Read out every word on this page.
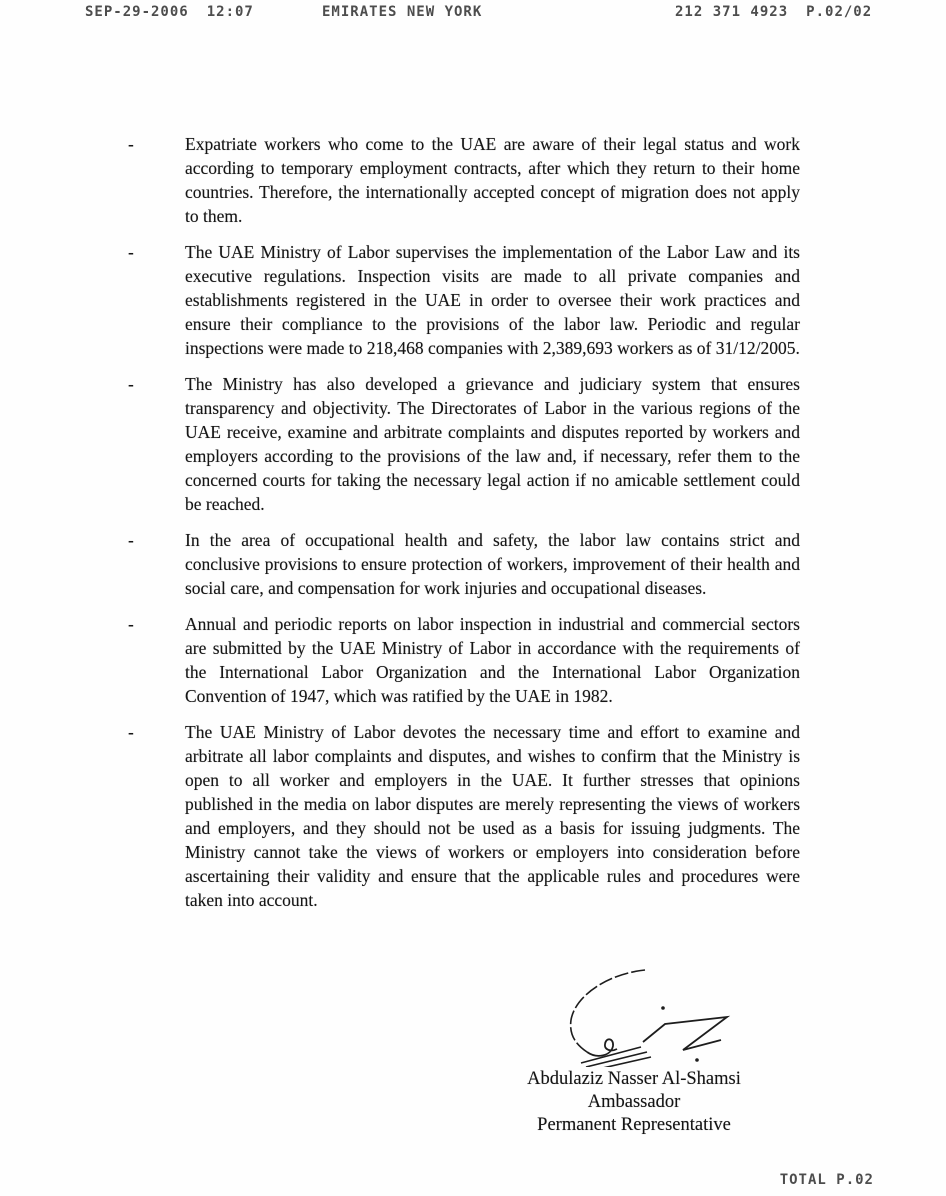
SEP-29-2006 12:07	EMIRATES NEW YORK	212 371 4923 P.02/02
-	Expatriate workers who come to the UAE are aware of their legal status and work according to temporary employment contracts, after which they return to their home countries. Therefore, the internationally accepted concept of migration does not apply to them.

-	The UAE Ministry of Labor supervises the implementation of the Labor Law and its executive regulations. Inspection visits are made to all private companies and establishments registered in the UAE in order to oversee their work practices and ensure their compliance to the provisions of the labor law. Periodic and regular inspections were made to 218,468 companies with 2,389,693 workers as of 31/12/2005.

-	The Ministry has also developed a grievance and judiciary system that ensures transparency and objectivity. The Directorates of Labor in the various regions of the UAE receive, examine and arbitrate complaints and disputes reported by workers and employers according to the provisions of the law and, if necessary, refer them to the concerned courts for taking the necessary legal action if no amicable settlement could be reached.

-	In the area of occupational health and safety, the labor law contains strict and conclusive provisions to ensure protection of workers, improvement of their health and social care, and compensation for work injuries and occupational diseases.

-	Annual and periodic reports on labor inspection in industrial and commercial sectors are submitted by the UAE Ministry of Labor in accordance with the requirements of the International Labor Organization and the International Labor Organization Convention of 1947, which was ratified by the UAE in 1982.

-	The UAE Ministry of Labor devotes the necessary time and effort to examine and arbitrate all labor complaints and disputes, and wishes to confirm that the Ministry is open to all worker and employers in the UAE. It further stresses that opinions published in the media on labor disputes are merely representing the views of workers and employers, and they should not be used as a basis for issuing judgments. The Ministry cannot take the views of workers or employers into consideration before ascertaining their validity and ensure that the applicable rules and procedures were taken into account.

Abdulaziz Nasser Al-Shamsi
Ambassador
Permanent Representative
TOTAL P.02
